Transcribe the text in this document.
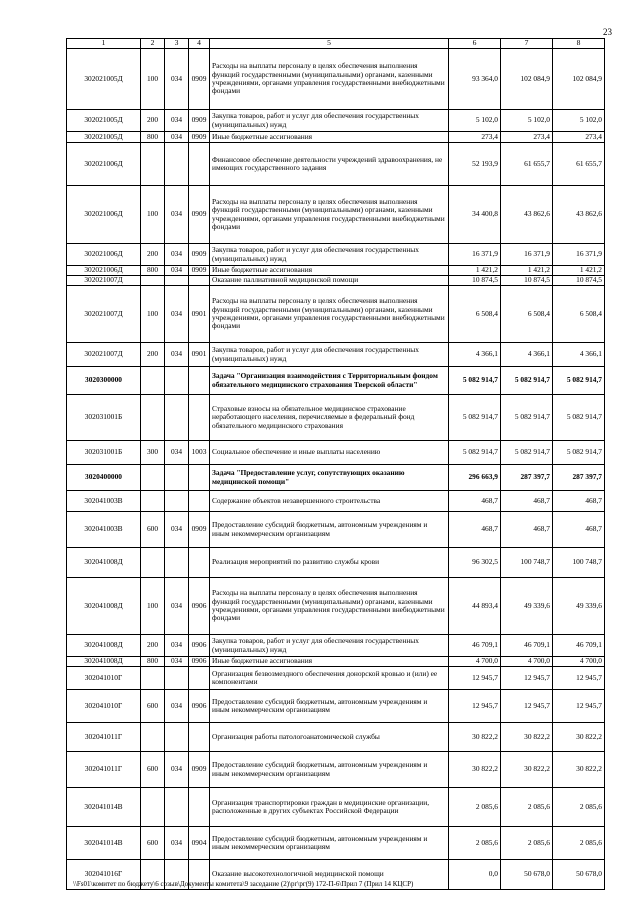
23
1	2	3	4	5	6	7	8
302021005Д	100	034	0909	Расходы на выплаты персоналу в целях обеспечения выполнения функций государственными (муниципальными) органами, казенными учреждениями, органами управления государственными внебюджетными фондами	93 364,0	102 084,9	102 084,9
302021005Д	200	034	0909	Закупка товаров, работ и услуг для обеспечения государственных (муниципальных) нужд	5 102,0	5 102,0	5 102,0
302021005Д	800	034	0909	Иные бюджетные ассигнования	273,4	273,4	273,4
302021006Д				Финансовое обеспечение деятельности учреждений здравоохранения, не имеющих государственного задания	52 193,9	61 655,7	61 655,7
302021006Д	100	034	0909	Расходы на выплаты персоналу в целях обеспечения выполнения функций государственными (муниципальными) органами, казенными учреждениями, органами управления государственными внебюджетными фондами	34 400,8	43 862,6	43 862,6
302021006Д	200	034	0909	Закупка товаров, работ и услуг для обеспечения государственных (муниципальных) нужд	16 371,9	16 371,9	16 371,9
302021006Д	800	034	0909	Иные бюджетные ассигнования	1 421,2	1 421,2	1 421,2
302021007Д				Оказание паллиативной медицинской помощи	10 874,5	10 874,5	10 874,5
302021007Д	100	034	0901	Расходы на выплаты персоналу в целях обеспечения выполнения функций государственными (муниципальными) органами, казенными учреждениями, органами управления государственными внебюджетными фондами	6 508,4	6 508,4	6 508,4
302021007Д	200	034	0901	Закупка товаров, работ и услуг для обеспечения государственных (муниципальных) нужд	4 366,1	4 366,1	4 366,1
3020300000				Задача "Организация взаимодействия с Территориальным фондом обязательного медицинского страхования Тверской области"	5 082 914,7	5 082 914,7	5 082 914,7
302031001Б				Страховые взносы на обязательное медицинское страхование неработающего населения, перечисляемые в федеральный фонд обязательного медицинского страхования	5 082 914,7	5 082 914,7	5 082 914,7
302031001Б	300	034	1003	Социальное обеспечение и иные выплаты населению	5 082 914,7	5 082 914,7	5 082 914,7
3020400000				Задача "Предоставление услуг, сопутствующих оказанию медицинской помощи"	296 663,9	287 397,7	287 397,7
302041003В				Содержание объектов незавершенного строительства	468,7	468,7	468,7
302041003В	600	034	0909	Предоставление субсидий бюджетным, автономным учреждениям и иным некоммерческим организациям	468,7	468,7	468,7
302041008Д				Реализация мероприятий по развитию службы крови	96 302,5	100 748,7	100 748,7
302041008Д	100	034	0906	Расходы на выплаты персоналу в целях обеспечения выполнения функций государственными (муниципальными) органами, казенными учреждениями, органами управления государственными внебюджетными фондами	44 893,4	49 339,6	49 339,6
302041008Д	200	034	0906	Закупка товаров, работ и услуг для обеспечения государственных (муниципальных) нужд	46 709,1	46 709,1	46 709,1
302041008Д	800	034	0906	Иные бюджетные ассигнования	4 700,0	4 700,0	4 700,0
302041010Г				Организация безвозмездного обеспечения донорской кровью и (или) ее компонентами	12 945,7	12 945,7	12 945,7
302041010Г	600	034	0906	Предоставление субсидий бюджетным, автономным учреждениям и иным некоммерческим организациям	12 945,7	12 945,7	12 945,7
302041011Г				Организация работы патологоанатомической службы	30 822,2	30 822,2	30 822,2
302041011Г	600	034	0909	Предоставление субсидий бюджетным, автономным учреждениям и иным некоммерческим организациям	30 822,2	30 822,2	30 822,2
302041014В				Организация транспортировки граждан в медицинские организации, расположенные в других субъектах Российской Федерации	2 085,6	2 085,6	2 085,6
302041014В	600	034	0904	Предоставление субсидий бюджетным, автономным учреждениям и иным некоммерческим организациям	2 085,6	2 085,6	2 085,6
302041016Г				Оказание высокотехнологичной медицинской помощи	0,0	50 678,0	50 678,0
\\Fs01\комитет по бюджету\6 созыв\Документы комитета\9 заседание (2)\рг\рг(9) 172-П-6\Прил 7 (Прил 14 КЦСР)
